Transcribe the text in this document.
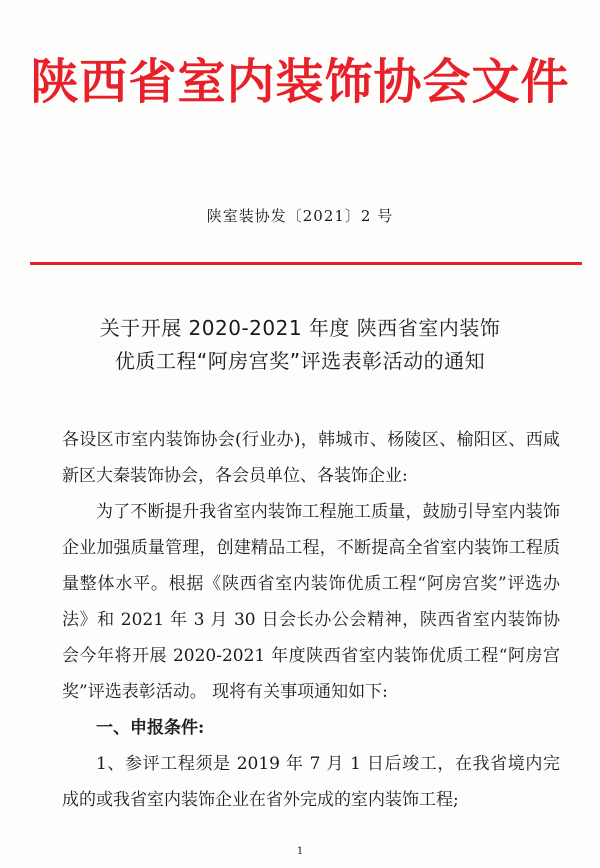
陕西省室内装饰协会文件
陕室装协发〔2021〕2 号
关于开展 2020-2021 年度 陕西省室内装饰
优质工程“阿房宫奖”评选表彰活动的通知

各设区市室内装饰协会(行业办)，韩城市、杨陵区、榆阳区、西咸新区大秦装饰协会，各会员单位、各装饰企业:

为了不断提升我省室内装饰工程施工质量，鼓励引导室内装饰企业加强质量管理，创建精品工程，不断提高全省室内装饰工程质量整体水平。根据《陕西省室内装饰优质工程“阿房宫奖”评选办法》和 2021 年 3 月 30 日会长办公会精神，陕西省室内装饰协会今年将开展 2020-2021 年度陕西省室内装饰优质工程“阿房宫奖”评选表彰活动。 现将有关事项通知如下:

一、申报条件:

1、参评工程须是 2019 年 7 月 1 日后竣工，在我省境内完成的或我省室内装饰企业在省外完成的室内装饰工程;

1
